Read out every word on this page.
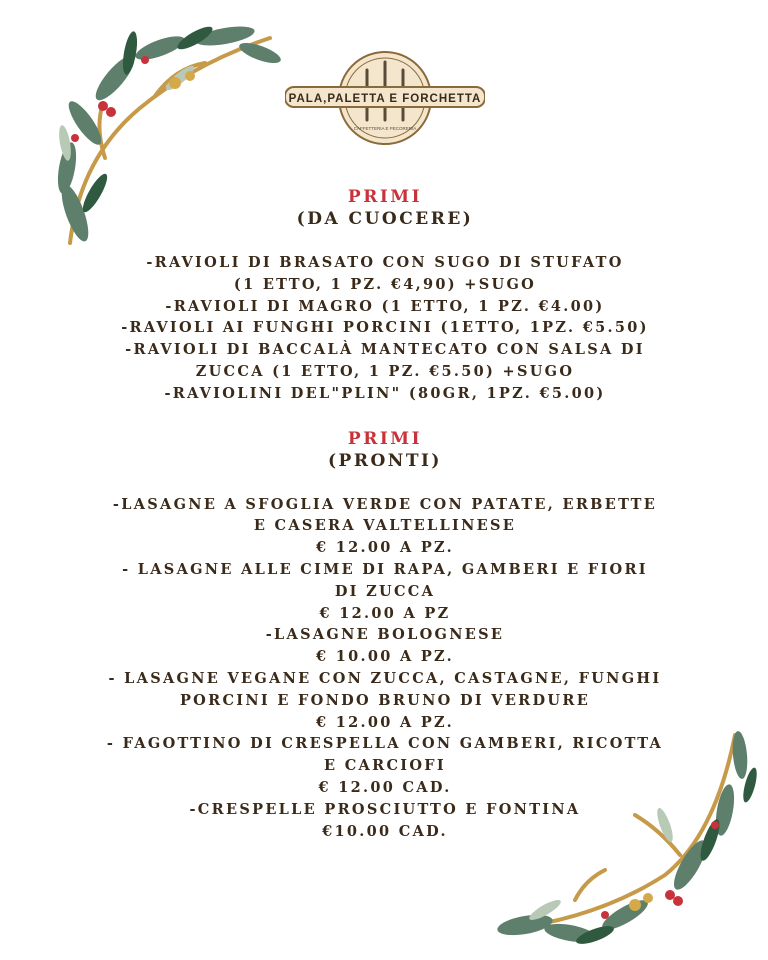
PALA,PALETTA E FORCHETTA
CAFFETTERIA E PECORERIA
PRIMI
(DA CUOCERE)

-RAVIOLI DI BRASATO CON SUGO DI STUFATO

(1 ETTO, 1 PZ. €4,90) +SUGO

-RAVIOLI DI MAGRO (1 ETTO, 1 PZ. €4.00)

-RAVIOLI AI FUNGHI PORCINI (1ETTO, 1PZ. €5.50)

-RAVIOLI DI BACCALÀ MANTECATO CON SALSA DI

ZUCCA (1 ETTO, 1 PZ. €5.50) +SUGO

-RAVIOLINI DEL"PLIN" (80GR, 1PZ. €5.00)

PRIMI
(PRONTI)

-LASAGNE A SFOGLIA VERDE CON PATATE, ERBETTE

E CASERA VALTELLINESE

€ 12.00 A PZ.

- LASAGNE ALLE CIME DI RAPA, GAMBERI E FIORI

DI ZUCCA

€ 12.00 A PZ

-LASAGNE BOLOGNESE

€ 10.00 A PZ.

- LASAGNE VEGANE CON ZUCCA, CASTAGNE, FUNGHI

PORCINI E FONDO BRUNO DI VERDURE

€ 12.00 A PZ.

- FAGOTTINO DI CRESPELLA CON GAMBERI, RICOTTA

E CARCIOFI

€ 12.00 CAD.

-CRESPELLE PROSCIUTTO E FONTINA

€10.00 CAD.
